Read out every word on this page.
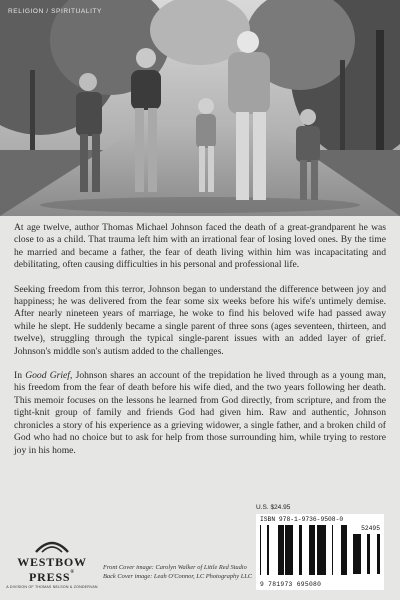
RELIGION / SPIRITUALITY

At age twelve, author Thomas Michael Johnson faced the death of a great-grandparent he was close to as a child. That trauma left him with an irrational fear of losing loved ones. By the time he married and became a father, the fear of death living within him was incapacitating and debilitating, often causing difficulties in his personal and professional life.

Seeking freedom from this terror, Johnson began to understand the difference between joy and happiness; he was delivered from the fear some six weeks before his wife's untimely demise. After nearly nineteen years of marriage, he woke to find his beloved wife had passed away while he slept. He suddenly became a single parent of three sons (ages seventeen, thirteen, and twelve), struggling through the typical single-parent issues with an added layer of grief. Johnson's middle son's autism added to the challenges.

In Good Grief, Johnson shares an account of the trepidation he lived through as a young man, his freedom from the fear of death before his wife died, and the two years following her death. This memoir focuses on the lessons he learned from God directly, from scripture, and from the tight-knit group of family and friends God had given him. Raw and authentic, Johnson chronicles a story of his experience as a grieving widower, a single father, and a broken child of God who had no choice but to ask for help from those surrounding him, while trying to restore joy in his home.

WESTBOW PRESS®
A DIVISION OF THOMAS NELSON & ZONDERVAN
Front Cover image: Carolyn Walker of Little Red Studio
Back Cover image: Leah O'Connor, LC Photography LLC
U.S. $24.95
ISBN 978-1-9736-9508-0
52495
9 781973 695080
